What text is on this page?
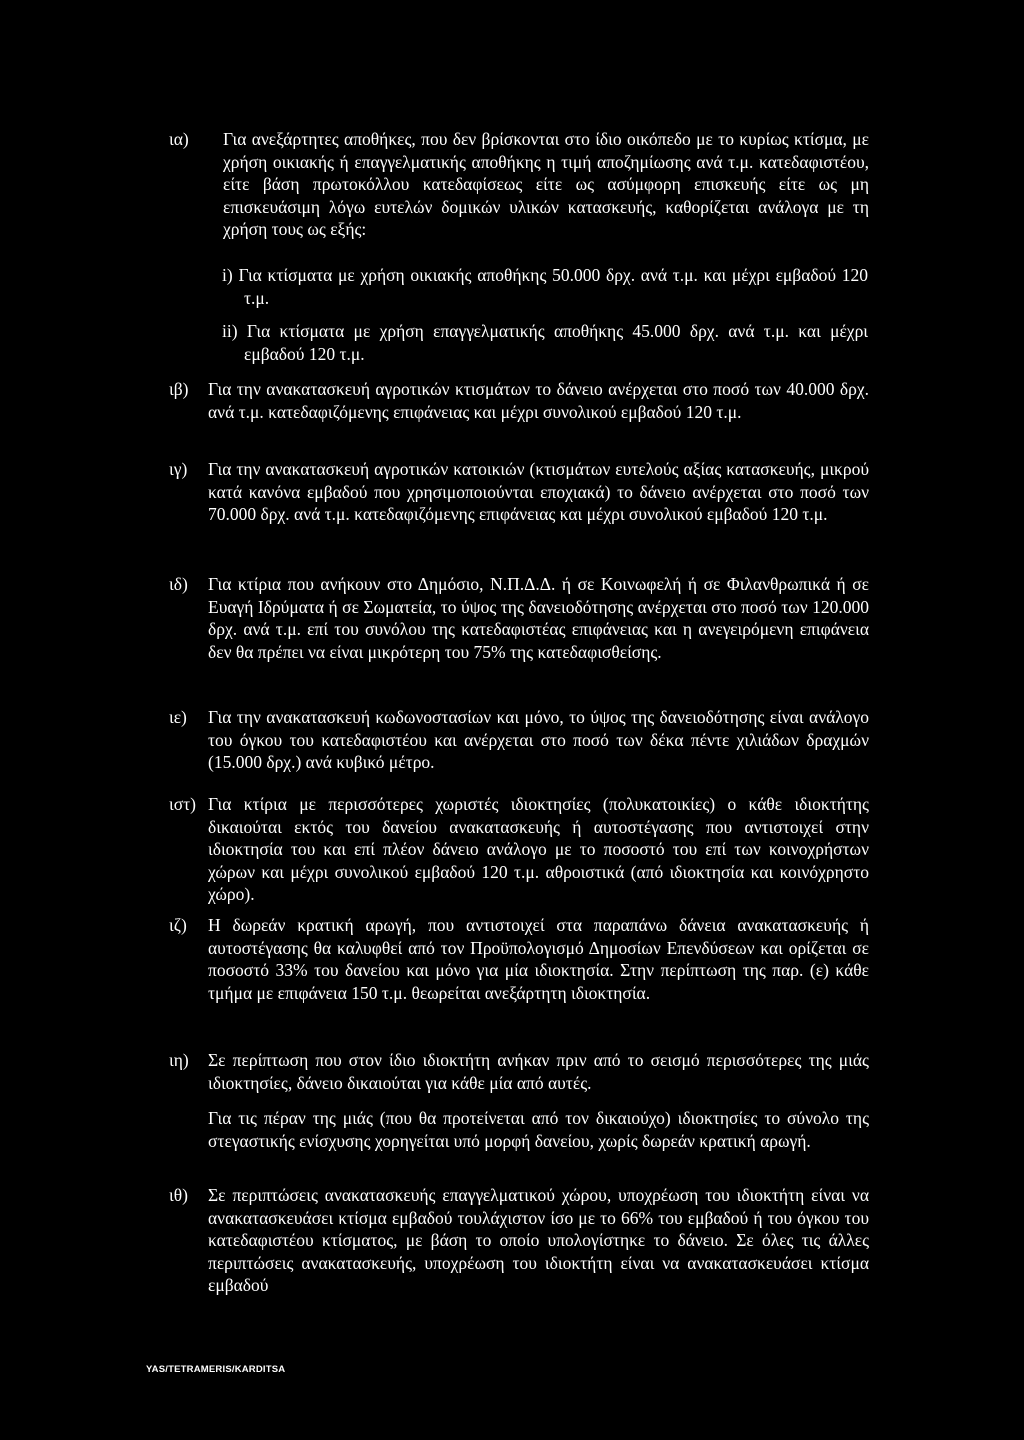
ια) Για ανεξάρτητες αποθήκες, που δεν βρίσκονται στο ίδιο οικόπεδο με το κυρίως κτίσμα, με χρήση οικιακής ή επαγγελματικής αποθήκης η τιμή αποζημίωσης ανά τ.μ. κατεδαφιστέου, είτε βάση πρωτοκόλλου κατεδαφίσεως είτε ως ασύμφορη επισκευής είτε ως μη επισκευάσιμη λόγω ευτελών δομικών υλικών κατασκευής, καθορίζεται ανάλογα με τη χρήση τους ως εξής:
i) Για κτίσματα με χρήση οικιακής αποθήκης 50.000 δρχ. ανά τ.μ. και μέχρι εμβαδού 120 τ.μ.
ii) Για κτίσματα με χρήση επαγγελματικής αποθήκης 45.000 δρχ. ανά τ.μ. και μέχρι εμβαδού 120 τ.μ.
ιβ) Για την ανακατασκευή αγροτικών κτισμάτων το δάνειο ανέρχεται στο ποσό των 40.000 δρχ. ανά τ.μ. κατεδαφιζόμενης επιφάνειας και μέχρι συνολικού εμβαδού 120 τ.μ.
ιγ) Για την ανακατασκευή αγροτικών κατοικιών (κτισμάτων ευτελούς αξίας κατασκευής, μικρού κατά κανόνα εμβαδού που χρησιμοποιούνται εποχιακά) το δάνειο ανέρχεται στο ποσό των 70.000 δρχ. ανά τ.μ. κατεδαφιζόμενης επιφάνειας και μέχρι συνολικού εμβαδού 120 τ.μ.
ιδ) Για κτίρια που ανήκουν στο Δημόσιο, Ν.Π.Δ.Δ. ή σε Κοινωφελή ή σε Φιλανθρωπικά ή σε Ευαγή Ιδρύματα ή σε Σωματεία, το ύψος της δανειοδότησης ανέρχεται στο ποσό των 120.000 δρχ. ανά τ.μ. επί του συνόλου της κατεδαφιστέας επιφάνειας και η ανεγειρόμενη επιφάνεια δεν θα πρέπει να είναι μικρότερη του 75% της κατεδαφισθείσης.
ιε) Για την ανακατασκευή κωδωνοστασίων και μόνο, το ύψος της δανειοδότησης είναι ανάλογο του όγκου του κατεδαφιστέου και ανέρχεται στο ποσό των δέκα πέντε χιλιάδων δραχμών (15.000 δρχ.) ανά κυβικό μέτρο.
ιστ) Για κτίρια με περισσότερες χωριστές ιδιοκτησίες (πολυκατοικίες) ο κάθε ιδιοκτήτης δικαιούται εκτός του δανείου ανακατασκευής ή αυτοστέγασης που αντιστοιχεί στην ιδιοκτησία του και επί πλέον δάνειο ανάλογο με το ποσοστό του επί των κοινοχρήστων χώρων και μέχρι συνολικού εμβαδού 120 τ.μ. αθροιστικά (από ιδιοκτησία και κοινόχρηστο χώρο).
ιζ) Η δωρεάν κρατική αρωγή, που αντιστοιχεί στα παραπάνω δάνεια ανακατασκευής ή αυτοστέγασης θα καλυφθεί από τον Προϋπολογισμό Δημοσίων Επενδύσεων και ορίζεται σε ποσοστό 33% του δανείου και μόνο για μία ιδιοκτησία. Στην περίπτωση της παρ. (ε) κάθε τμήμα με επιφάνεια 150 τ.μ. θεωρείται ανεξάρτητη ιδιοκτησία.
ιη) Σε περίπτωση που στον ίδιο ιδιοκτήτη ανήκαν πριν από το σεισμό περισσότερες της μιάς ιδιοκτησίες, δάνειο δικαιούται για κάθε μία από αυτές.
Για τις πέραν της μιάς (που θα προτείνεται από τον δικαιούχο) ιδιοκτησίες το σύνολο της στεγαστικής ενίσχυσης χορηγείται υπό μορφή δανείου, χωρίς δωρεάν κρατική αρωγή.
ιθ) Σε περιπτώσεις ανακατασκευής επαγγελματικού χώρου, υποχρέωση του ιδιοκτήτη είναι να ανακατασκευάσει κτίσμα εμβαδού τουλάχιστον ίσο με το 66% του εμβαδού ή του όγκου του κατεδαφιστέου κτίσματος, με βάση το οποίο υπολογίστηκε το δάνειο. Σε όλες τις άλλες περιπτώσεις ανακατασκευής, υποχρέωση του ιδιοκτήτη είναι να ανακατασκευάσει κτίσμα εμβαδού
YAS/TETRAMERIS/KARDITSA
